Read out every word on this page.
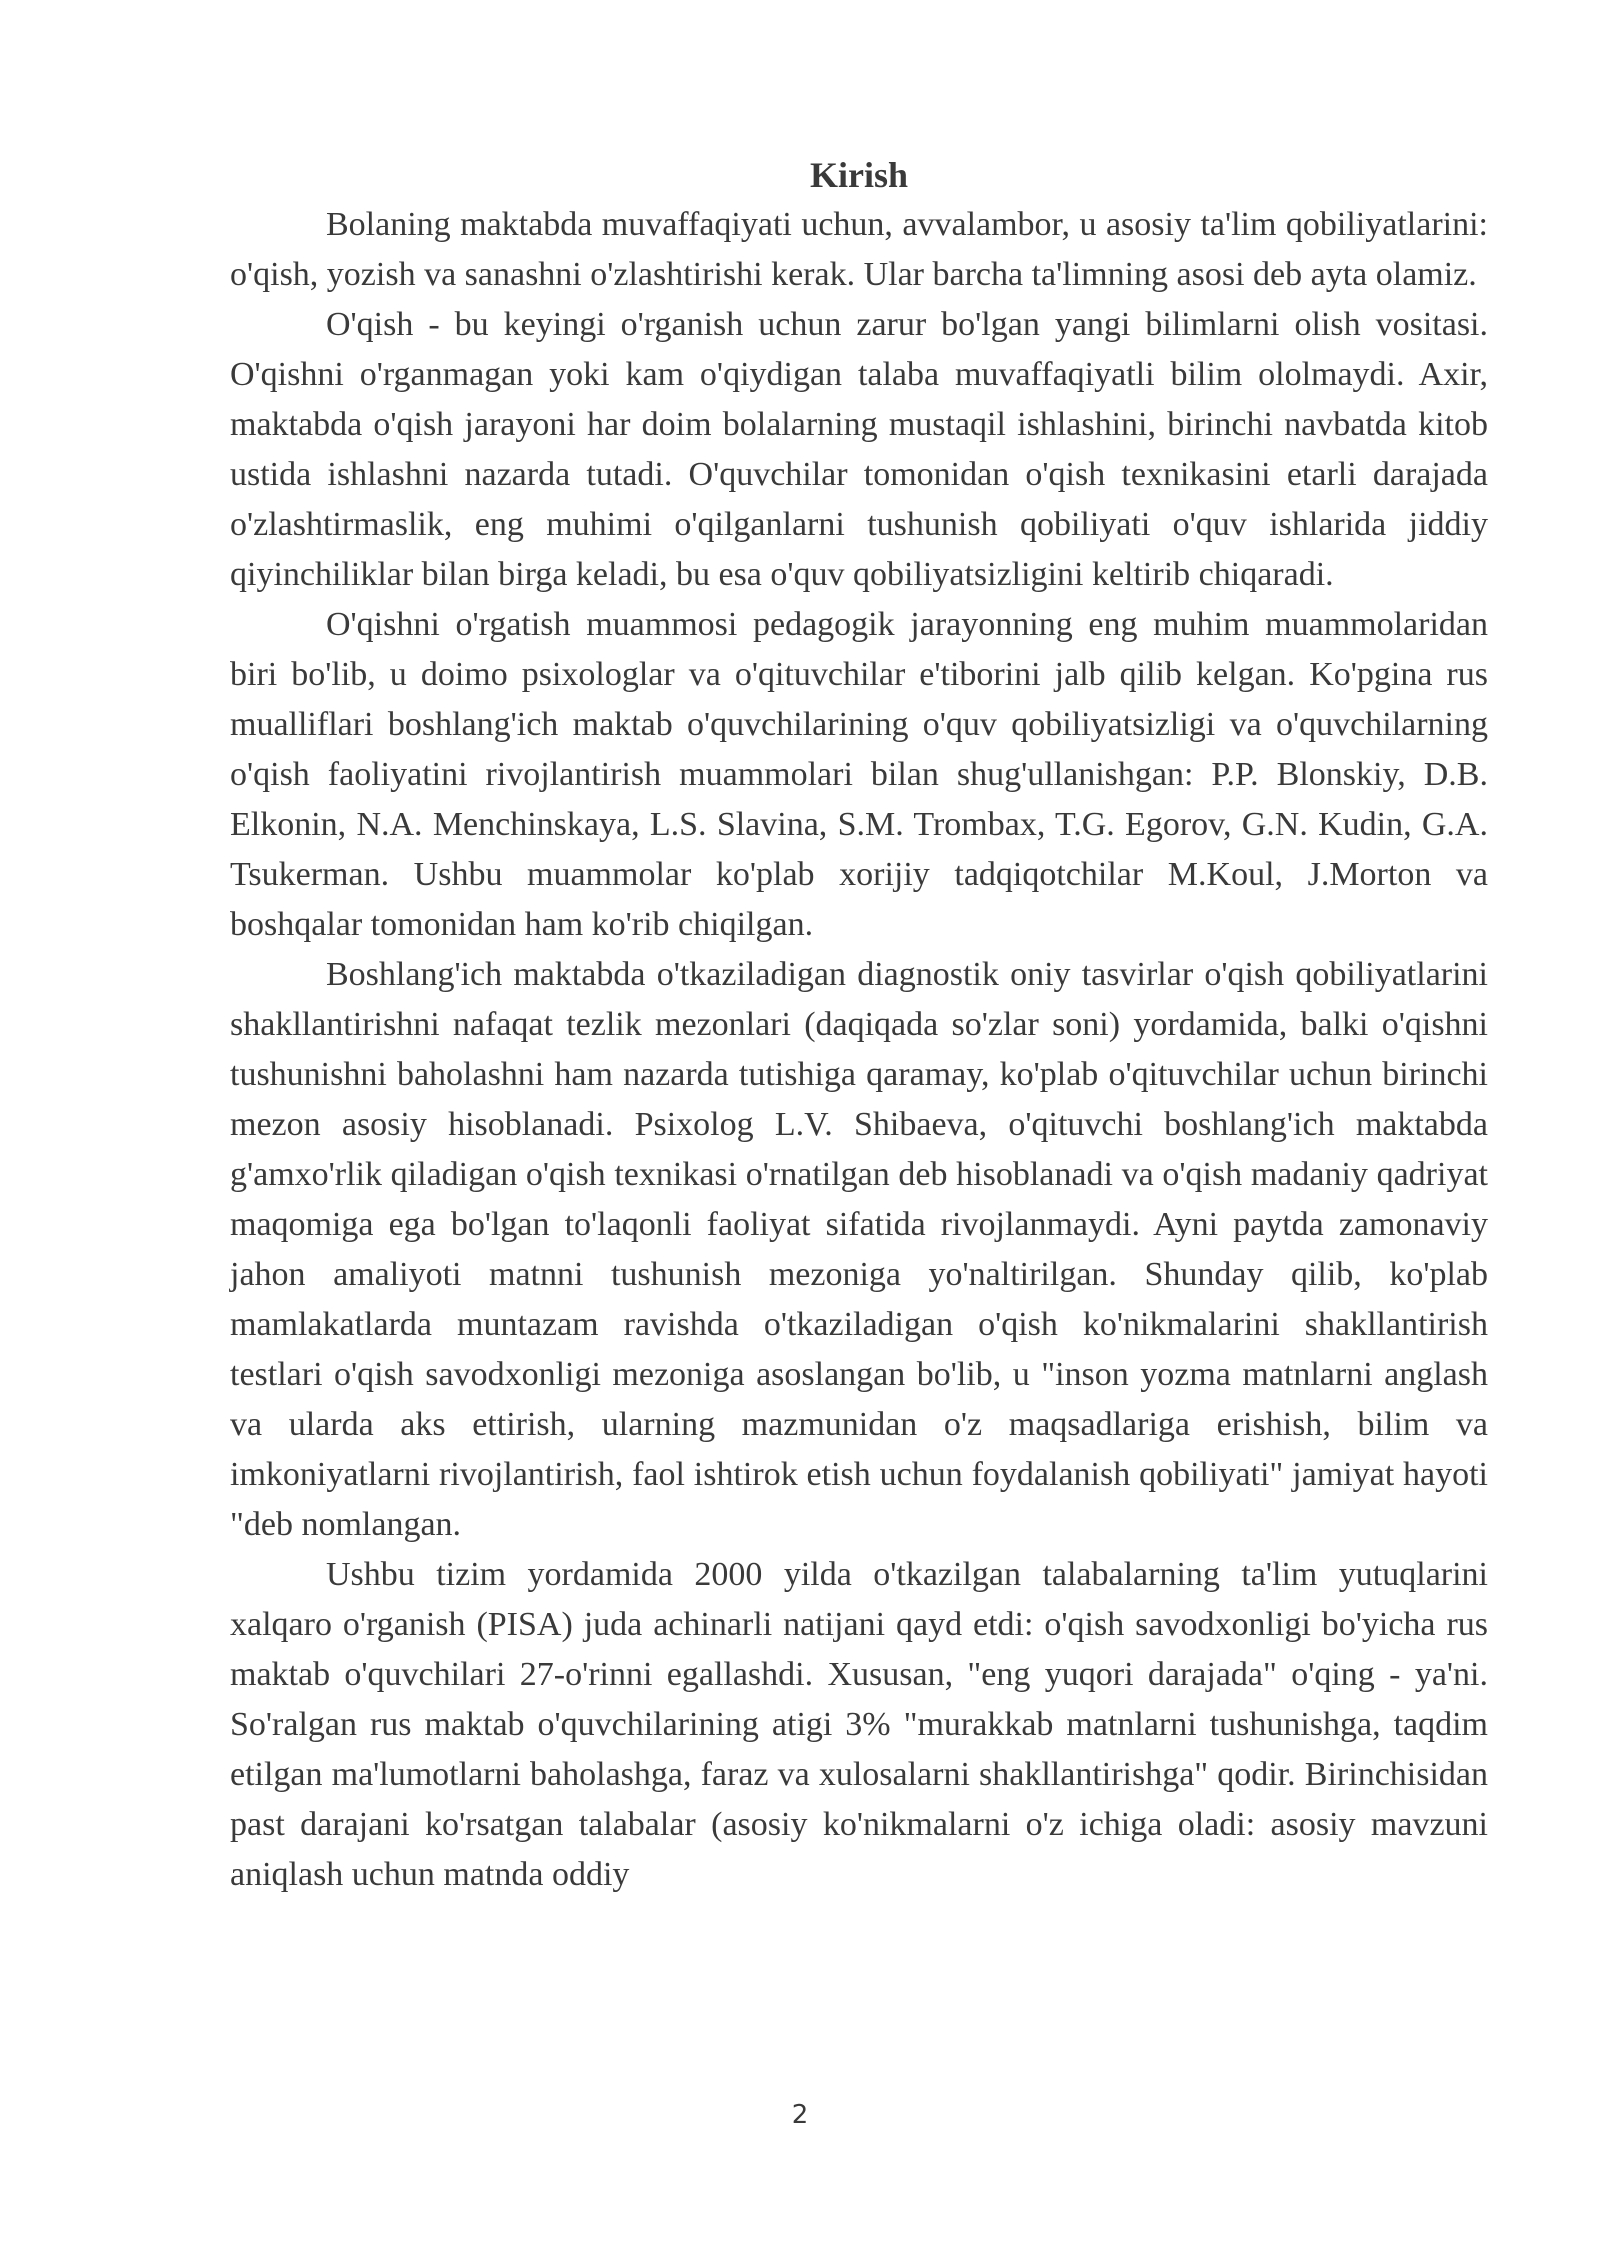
Kirish

Bolaning maktabda muvaffaqiyati uchun, avvalambor, u asosiy ta'lim qobiliyatlarini: o'qish, yozish va sanashni o'zlashtirishi kerak. Ular barcha ta'limning asosi deb ayta olamiz.

O'qish - bu keyingi o'rganish uchun zarur bo'lgan yangi bilimlarni olish vositasi. O'qishni o'rganmagan yoki kam o'qiydigan talaba muvaffaqiyatli bilim ololmaydi. Axir, maktabda o'qish jarayoni har doim bolalarning mustaqil ishlashini, birinchi navbatda kitob ustida ishlashni nazarda tutadi. O'quvchilar tomonidan o'qish texnikasini etarli darajada o'zlashtirmaslik, eng muhimi o'qilganlarni tushunish qobiliyati o'quv ishlarida jiddiy qiyinchiliklar bilan birga keladi, bu esa o'quv qobiliyatsizligini keltirib chiqaradi.

O'qishni o'rgatish muammosi pedagogik jarayonning eng muhim muammolaridan biri bo'lib, u doimo psixologlar va o'qituvchilar e'tiborini jalb qilib kelgan. Ko'pgina rus mualliflari boshlang'ich maktab o'quvchilarining o'quv qobiliyatsizligi va o'quvchilarning o'qish faoliyatini rivojlantirish muammolari bilan shug'ullanishgan: P.P. Blonskiy, D.B. Elkonin, N.A. Menchinskaya, L.S. Slavina, S.M. Trombax, T.G. Egorov, G.N. Kudin, G.A. Tsukerman. Ushbu muammolar ko'plab xorijiy tadqiqotchilar M.Koul, J.Morton va boshqalar tomonidan ham ko'rib chiqilgan.

Boshlang'ich maktabda o'tkaziladigan diagnostik oniy tasvirlar o'qish qobiliyatlarini shakllantirishni nafaqat tezlik mezonlari (daqiqada so'zlar soni) yordamida, balki o'qishni tushunishni baholashni ham nazarda tutishiga qaramay, ko'plab o'qituvchilar uchun birinchi mezon asosiy hisoblanadi. Psixolog L.V. Shibaeva, o'qituvchi boshlang'ich maktabda g'amxo'rlik qiladigan o'qish texnikasi o'rnatilgan deb hisoblanadi va o'qish madaniy qadriyat maqomiga ega bo'lgan to'laqonli faoliyat sifatida rivojlanmaydi. Ayni paytda zamonaviy jahon amaliyoti matnni tushunish mezoniga yo'naltirilgan. Shunday qilib, ko'plab mamlakatlarda muntazam ravishda o'tkaziladigan o'qish ko'nikmalarini shakllantirish testlari o'qish savodxonligi mezoniga asoslangan bo'lib, u "inson yozma matnlarni anglash va ularda aks ettirish, ularning mazmunidan o'z maqsadlariga erishish, bilim va imkoniyatlarni rivojlantirish, faol ishtirok etish uchun foydalanish qobiliyati" jamiyat hayoti "deb nomlangan.

Ushbu tizim yordamida 2000 yilda o'tkazilgan talabalarning ta'lim yutuqlarini xalqaro o'rganish (PISA) juda achinarli natijani qayd etdi: o'qish savodxonligi bo'yicha rus maktab o'quvchilari 27-o'rinni egallashdi. Xususan, "eng yuqori darajada" o'qing - ya'ni. So'ralgan rus maktab o'quvchilarining atigi 3% "murakkab matnlarni tushunishga, taqdim etilgan ma'lumotlarni baholashga, faraz va xulosalarni shakllantirishga" qodir. Birinchisidan past darajani ko'rsatgan talabalar (asosiy ko'nikmalarni o'z ichiga oladi: asosiy mavzuni aniqlash uchun matnda oddiy

2
